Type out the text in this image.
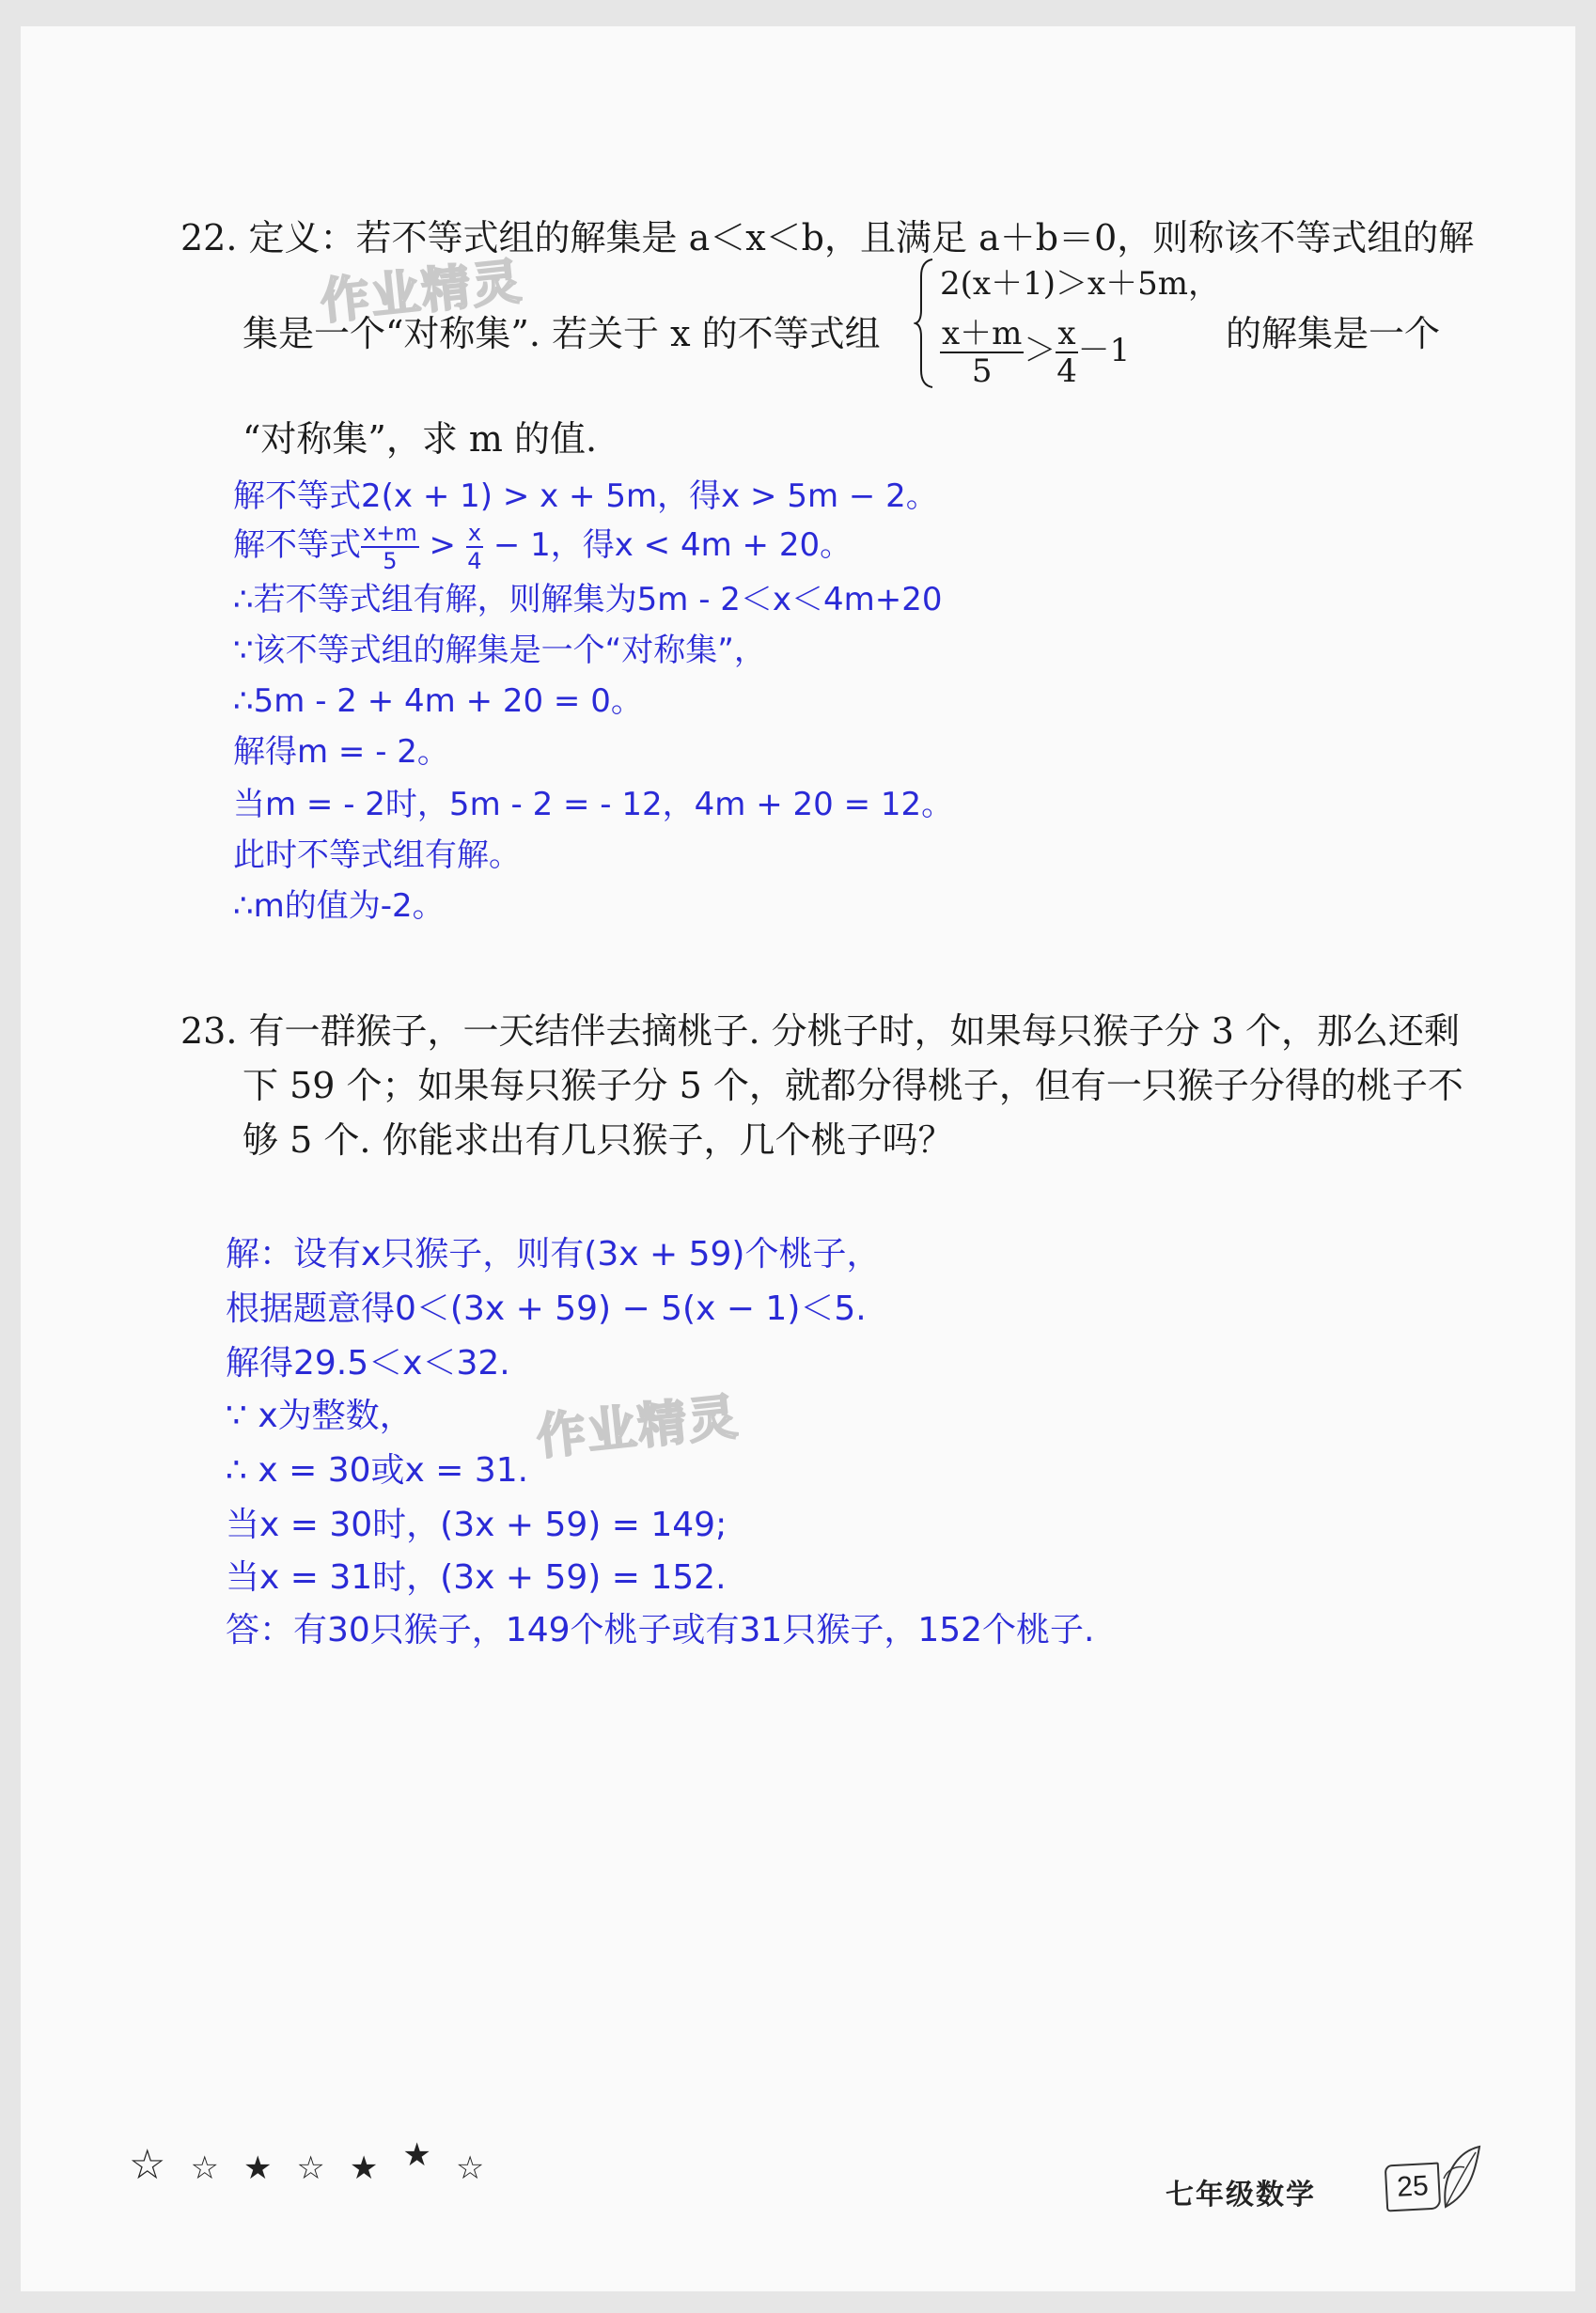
作业精灵
作业精灵
22. 定义：若不等式组的解集是 a＜x＜b，且满足 a＋b＝0，则称该不等式组的解
集是一个“对称集”. 若关于 x 的不等式组
2(x＋1)＞x＋5m，
$\frac{x+m}{5} > \frac{x}{4} -1$	的解集是一个
“对称集”，求 m 的值.
解不等式2(x + 1) > x + 5m，得x > 5m − 2。
解不等式 $\frac{x+m}{5} > \frac{x}{4} - 1$，得x < 4m + 20。
∴若不等式组有解，则解集为5m - 2＜x＜4m+20
∵该不等式组的解集是一个“对称集”，
∴5m - 2 + 4m + 20 = 0。
解得m = - 2。
当m = - 2时，5m - 2 = - 12，4m + 20 = 12。
此时不等式组有解。
∴m的值为-2。
23. 有一群猴子，一天结伴去摘桃子. 分桃子时，如果每只猴子分 3 个，那么还剩
下 59 个；如果每只猴子分 5 个，就都分得桃子，但有一只猴子分得的桃子不
够 5 个. 你能求出有几只猴子，几个桃子吗？
解：设有x只猴子，则有(3x + 59)个桃子，
根据题意得0＜(3x + 59) − 5(x − 1)＜5.
解得29.5＜x＜32.
∵ x为整数，
∴ x = 30或x = 31.
当x = 30时，(3x + 59) = 149;
当x = 31时，(3x + 59) = 152.
答：有30只猴子，149个桃子或有31只猴子，152个桃子.
☆ ☆ ★ ☆ ★ ★ ☆
七年级数学	25
